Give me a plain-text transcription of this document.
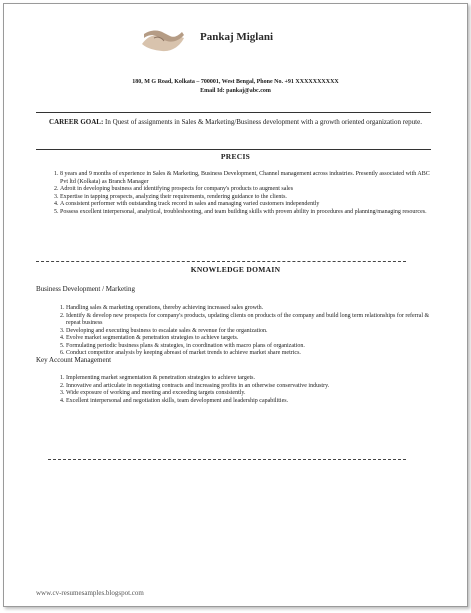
Pankaj Miglani
180, M G Road, Kolkata – 700001, West Bengal, Phone No. +91 XXXXXXXXXX
Email Id: pankaj@abc.com
CAREER GOAL: In Quest of assignments in Sales & Marketing/Business development with a growth oriented organization repute.
PRECIS
1. 8 years and 9 months of experience in Sales & Marketing, Business Development, Channel management across industries. Presently associated with ABC Pvt ltd (Kolkata) as Branch Manager
2. Adroit in developing business and identifying prospects for company's products to augment sales
3. Expertise in tapping prospects, analyzing their requirements, rendering guidance to the clients.
4. A consistent performer with outstanding track record in sales and managing varied customers independently
5. Possess excellent interpersonal, analytical, troubleshooting, and team building skills with proven ability in procedures and planning/managing resources.
KNOWLEDGE DOMAIN
Business Development / Marketing
1. Handling sales & marketing operations, thereby achieving increased sales growth.
2. Identify & develop new prospects for company's products, updating clients on products of the company and build long term relationships for referral & repeat business
3. Developing and executing business to escalate sales & revenue for the organization.
4. Evolve market segmentation & penetration strategies to achieve targets.
5. Formulating periodic business plans & strategies, in coordination with macro plans of organization.
6. Conduct competitor analysis by keeping abreast of market trends to achieve market share metrics.
Key Account Management
1. Implementing market segmentation & penetration strategies to achieve targets.
2. Innovative and articulate in negotiating contracts and increasing profits in an otherwise conservative industry.
3. Wide exposure of working and meeting and exceeding targets consistently.
4. Excellent interpersonal and negotiation skills, team development and leadership capabilities.
www.cv-resumesamples.blogspot.com
